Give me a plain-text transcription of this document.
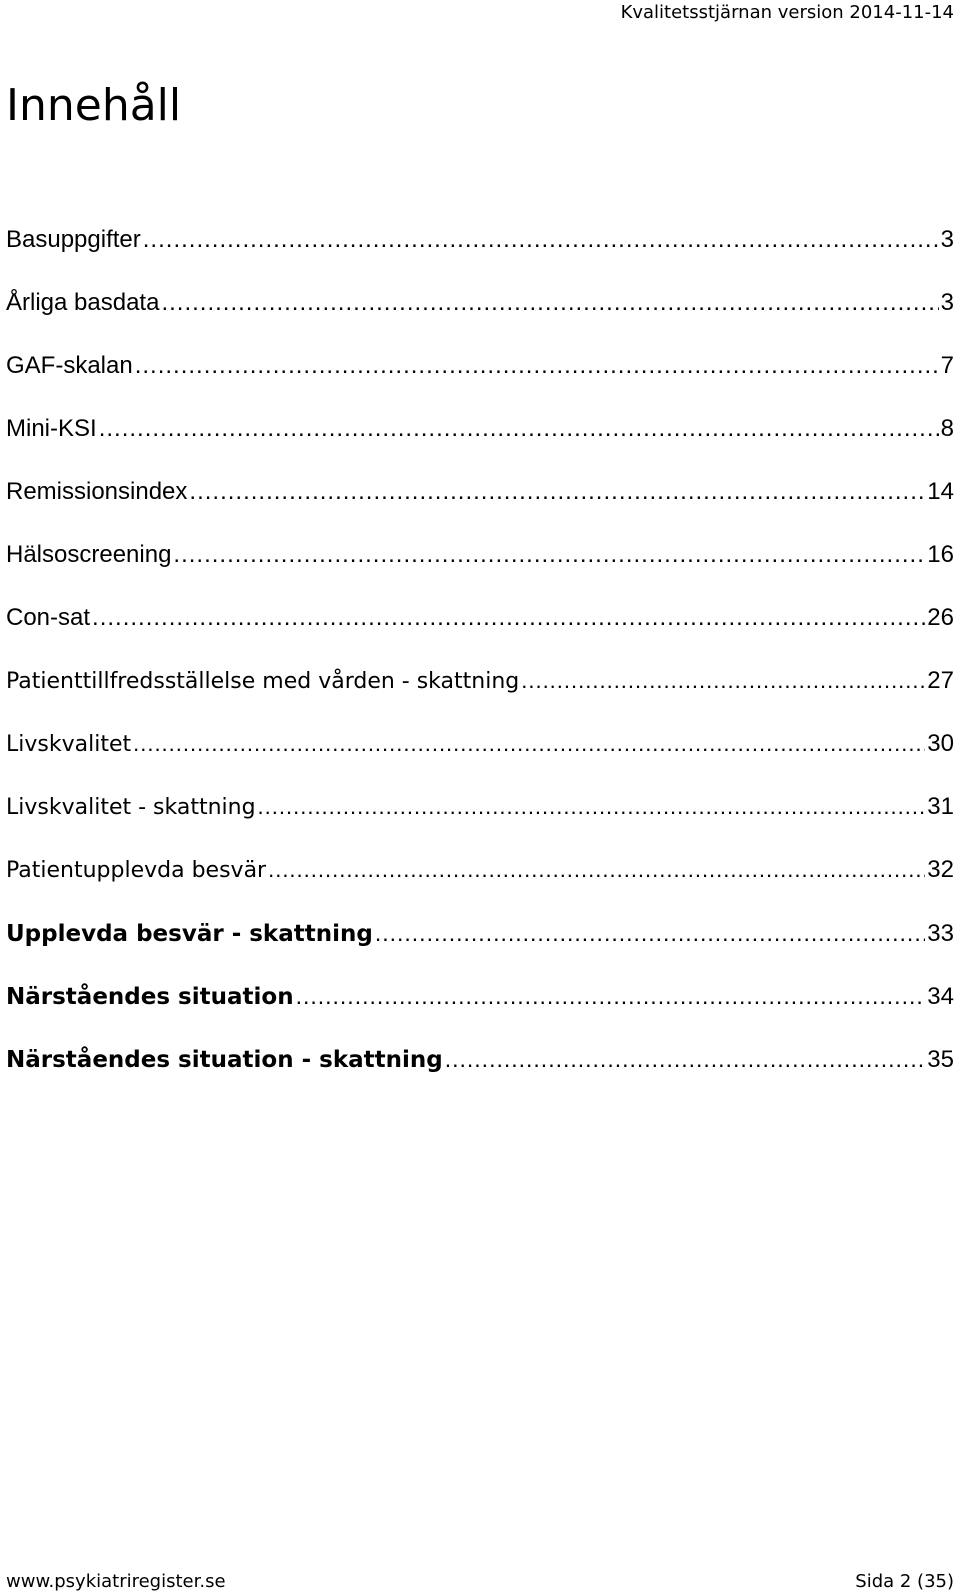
Kvalitetsstjärnan version 2014-11-14
Innehåll
Basuppgifter .....	3
Årliga basdata .....	3
GAF-skalan .....	7
Mini-KSI .....	8
Remissionsindex .....	14
Hälsoscreening .....	16
Con-sat .....	26
Patienttillfredsställelse med vården - skattning .....	27
Livskvalitet .....	30
Livskvalitet - skattning .....	31
Patientupplevda besvär .....	32
Upplevda besvär - skattning .....	33
Närståendes situation .....	34
Närståendes situation - skattning .....	35
www.psykiatriregister.se	Sida 2 (35)
